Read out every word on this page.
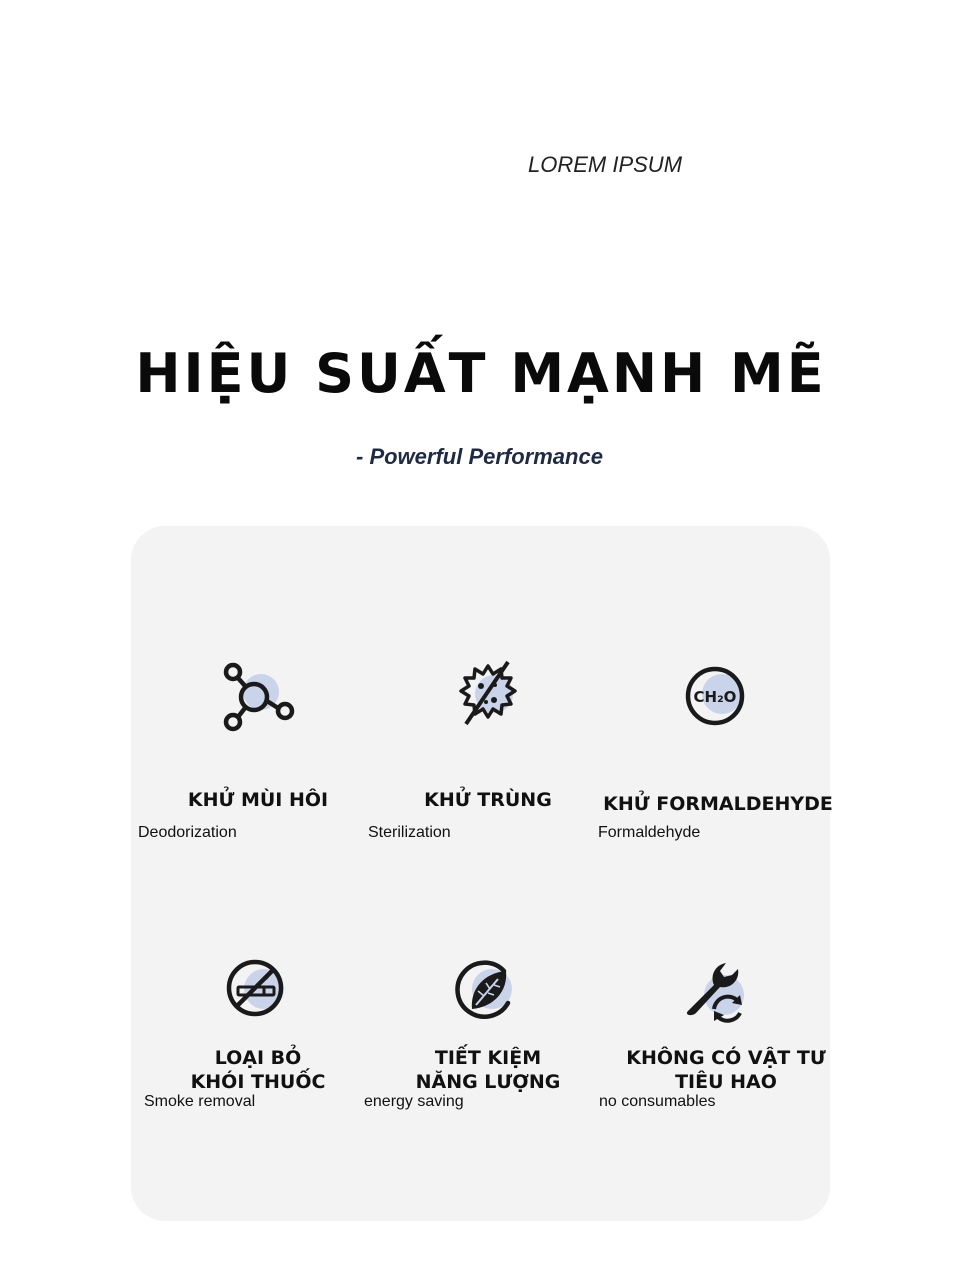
LOREM IPSUM
HIỆU SUẤT MẠNH MẼ
- Powerful Performance
KHỬ MÙI HÔI	KHỬ TRÙNG
CH₂O
KHỬ FORMALDEHYDE
LOẠI BỎ
KHÓI THUỐC
TIẾT KIỆM
NĂNG LƯỢNG
KHÔNG CÓ VẬT TƯ
TIÊU HAO
Deodorization	Sterilization	Formaldehyde
Smoke removal	energy saving	no consumables
